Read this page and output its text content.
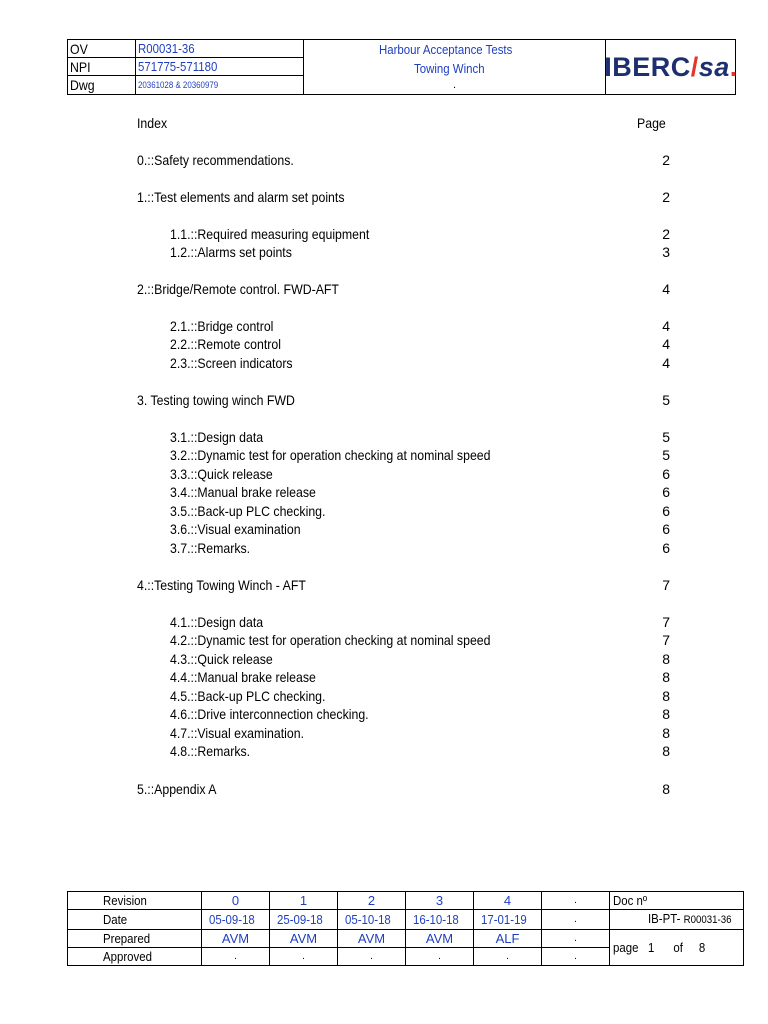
OV	R00031-36
NPI	571775-571180
Dwg	20361028 & 20360979
Harbour Acceptance Tests
Towing Winch
.
IBERC/sa.
Index	Page
0.::Safety recommendations.	2
1.::Test elements and alarm set points	2
1.1.::Required measuring equipment	2
1.2.::Alarms set points	3
2.::Bridge/Remote control. FWD-AFT	4
2.1.::Bridge control	4
2.2.::Remote control	4
2.3.::Screen indicators	4
3. Testing towing winch FWD	5
3.1.::Design data	5
3.2.::Dynamic test for operation checking at nominal speed	5
3.3.::Quick release	6
3.4.::Manual brake release	6
3.5.::Back-up PLC checking.	6
3.6.::Visual examination	6
3.7.::Remarks.	6
4.::Testing Towing Winch - AFT	7
4.1.::Design data	7
4.2.::Dynamic test for operation checking at nominal speed	7
4.3.::Quick release	8
4.4.::Manual brake release	8
4.5.::Back-up PLC checking.	8
4.6.::Drive interconnection checking.	8
4.7.::Visual examination.	8
4.8.::Remarks.	8
5.::Appendix A	8
Revision	0	1	2	3	4	.	Doc nº
Date	05-09-18	25-09-18	05-10-18	16-10-18	17-01-19	.	IB-PT- R00031-36
Prepared	AVM	AVM	AVM	AVM	ALF	.	page 1 of 8
Approved	.	.	.	.	.	.	
